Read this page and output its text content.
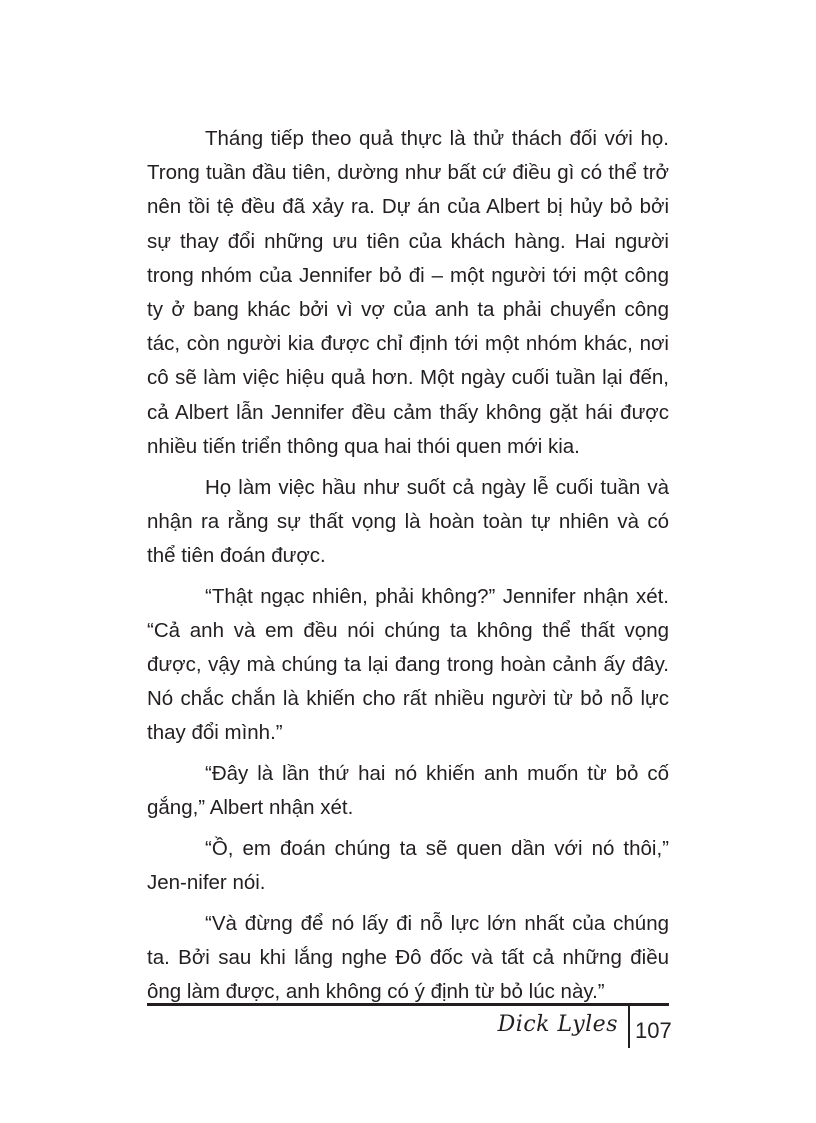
Tháng tiếp theo quả thực là thử thách đối với họ. Trong tuần đầu tiên, dường như bất cứ điều gì có thể trở nên tồi tệ đều đã xảy ra. Dự án của Albert bị hủy bỏ bởi sự thay đổi những ưu tiên của khách hàng. Hai người trong nhóm của Jennifer bỏ đi – một người tới một công ty ở bang khác bởi vì vợ của anh ta phải chuyển công tác, còn người kia được chỉ định tới một nhóm khác, nơi cô sẽ làm việc hiệu quả hơn. Một ngày cuối tuần lại đến, cả Albert lẫn Jennifer đều cảm thấy không gặt hái được nhiều tiến triển thông qua hai thói quen mới kia.

Họ làm việc hầu như suốt cả ngày lễ cuối tuần và nhận ra rằng sự thất vọng là hoàn toàn tự nhiên và có thể tiên đoán được.

“Thật ngạc nhiên, phải không?” Jennifer nhận xét. “Cả anh và em đều nói chúng ta không thể thất vọng được, vậy mà chúng ta lại đang trong hoàn cảnh ấy đây. Nó chắc chắn là khiến cho rất nhiều người từ bỏ nỗ lực thay đổi mình.”

“Đây là lần thứ hai nó khiến anh muốn từ bỏ cố gắng,” Albert nhận xét.

“Ồ, em đoán chúng ta sẽ quen dần với nó thôi,” Jen-nifer nói.

“Và đừng để nó lấy đi nỗ lực lớn nhất của chúng ta. Bởi sau khi lắng nghe Đô đốc và tất cả những điều ông làm được, anh không có ý định từ bỏ lúc này.”

Dick Lyles 107
